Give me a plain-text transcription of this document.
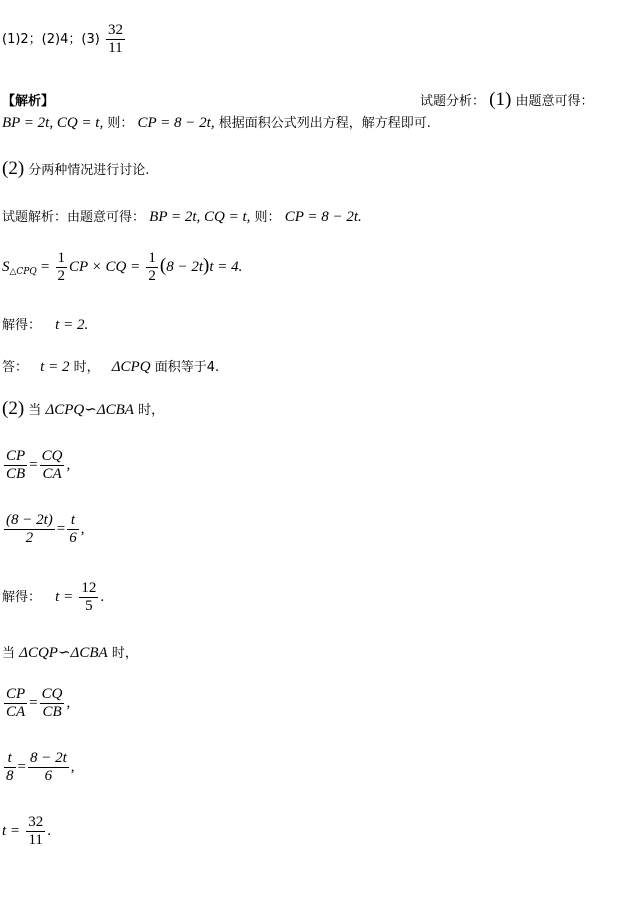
(1)2；(2)4；$(3) \frac{32}{11}$
【解析】	试题分析： (1) 由题意可得：
BP = 2t, CQ = t, 则： CP = 8 − 2t, 根据面积公式列出方程，解方程即可.
(2) 分两种情况进行讨论.
试题解析：由题意可得： BP = 2t, CQ = t, 则： CP = 8 − 2t.
$S_{\triangle CPQ} = \frac{1}{2}$ CP × CQ = $\frac{1}{2} (8 - 2t)t = 4$.
解得： t = 2.
答： t = 2 时， ΔCPQ 面积等于4.
(2) 当 ΔCPQ∽ΔCBA 时，
$\frac{CP}{CB} = \frac{CQ}{CA}$ ,
$\frac{(8 - 2t)}{2} = \frac{t}{6}$ ,
解得： $t = \frac{12}{5}$ .
当 ΔCQP∽ΔCBA 时，
$\frac{CP}{CA} = \frac{CQ}{CB}$ ,
$\frac{t}{8} = \frac{8 - 2t}{6}$ ,
$t = \frac{32}{11}$ .
